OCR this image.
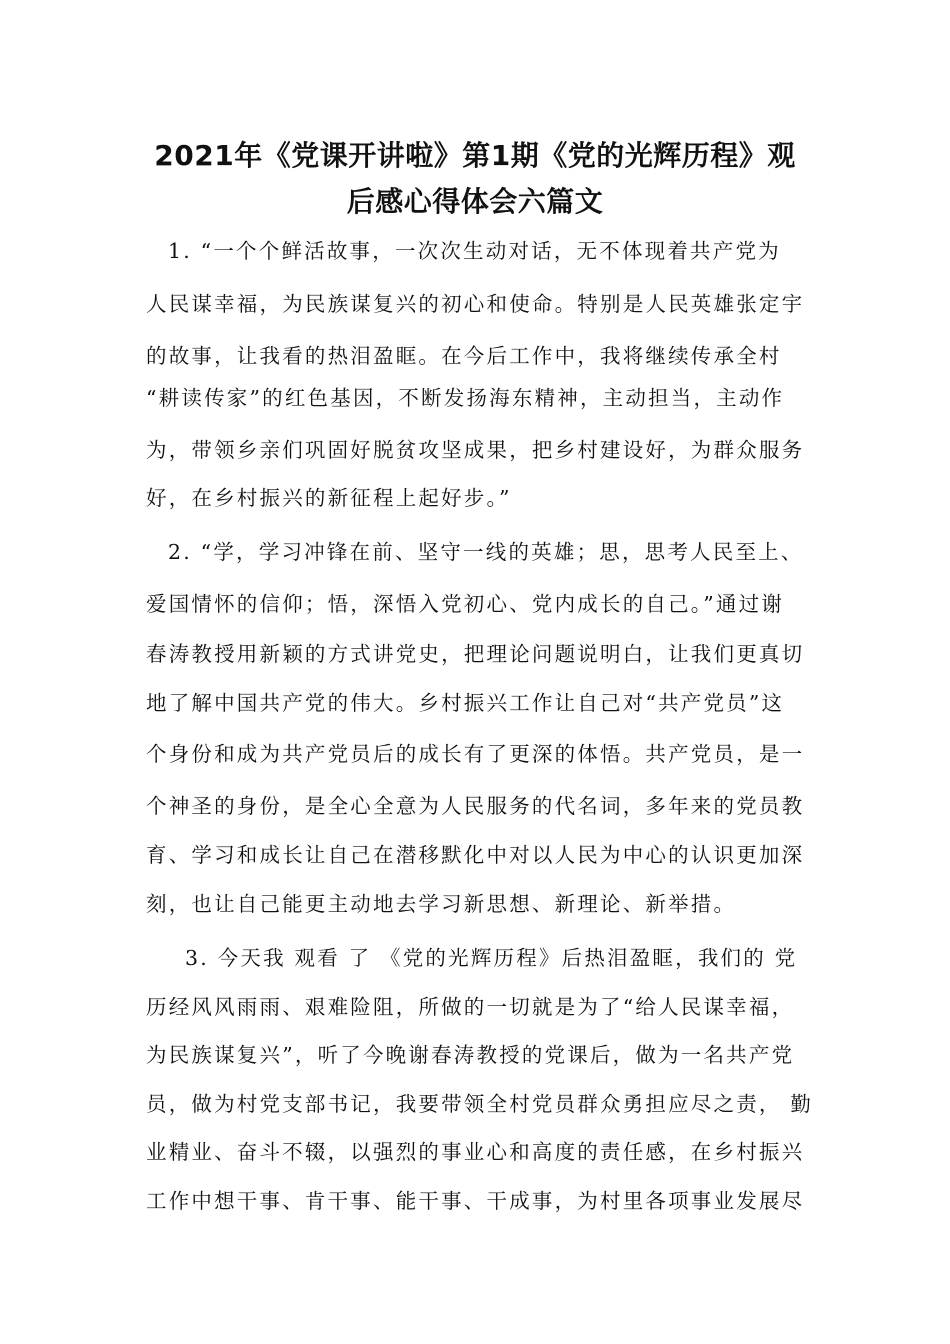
2021年《党课开讲啦》第1期《党的光辉历程》观
后感心得体会六篇文
1. “一个个鲜活故事，一次次生动对话，无不体现着共产党为
人民谋幸福，为民族谋复兴的初心和使命。特别是人民英雄张定宇
的故事，让我看的热泪盈眶。在今后工作中，我将继续传承全村
“耕读传家”的红色基因，不断发扬海东精神，主动担当，主动作
为，带领乡亲们巩固好脱贫攻坚成果，把乡村建设好，为群众服务
好，在乡村振兴的新征程上起好步。”
2. “学，学习冲锋在前、坚守一线的英雄；思，思考人民至上、
爱国情怀的信仰；悟，深悟入党初心、党内成长的自己。”通过谢
春涛教授用新颖的方式讲党史，把理论问题说明白，让我们更真切
地了解中国共产党的伟大。乡村振兴工作让自己对“共产党员”这
个身份和成为共产党员后的成长有了更深的体悟。共产党员，是一
个神圣的身份，是全心全意为人民服务的代名词，多年来的党员教
育、学习和成长让自己在潜移默化中对以人民为中心的认识更加深
刻，也让自己能更主动地去学习新思想、新理论、新举措。
3. 今天我 观看 了 《党的光辉历程》后热泪盈眶，我们的 党
历经风风雨雨、艰难险阻，所做的一切就是为了“给人民谋幸福，
为民族谋复兴”，听了今晚谢春涛教授的党课后，做为一名共产党
员，做为村党支部书记，我要带领全村党员群众勇担应尽之责， 勤
业精业、奋斗不辍，以强烈的事业心和高度的责任感，在乡村振兴
工作中想干事、肯干事、能干事、干成事，为村里各项事业发展尽
